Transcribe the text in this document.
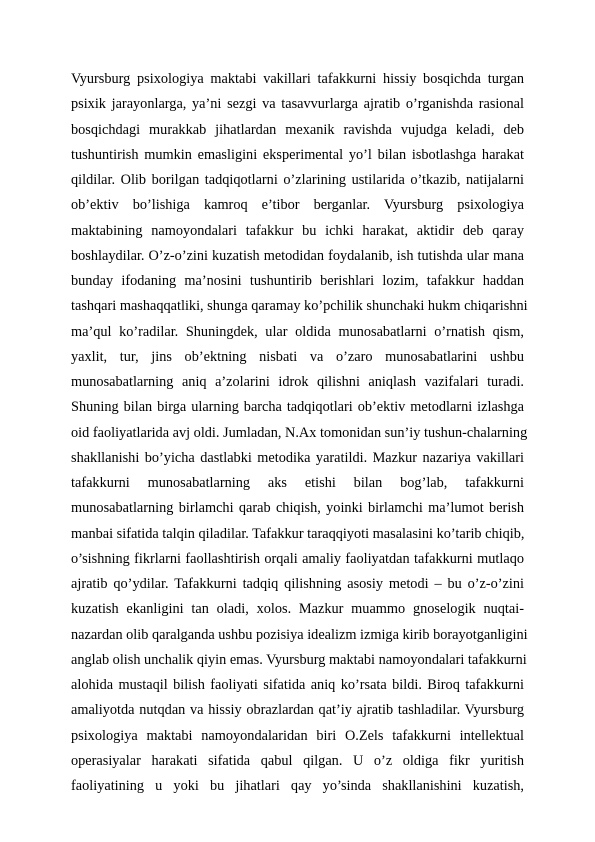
Vyursburg psixologiya maktabi vakillari tafakkurni hissiy bosqichda turgan
psixik jarayonlarga, ya’ni sezgi va tasavvurlarga ajratib o’rganishda rasional
bosqichdagi murakkab jihatlardan mexanik ravishda vujudga keladi, deb
tushuntirish mumkin emasligini eksperimental yo’l bilan isbotlashga harakat
qildilar. Olib borilgan tadqiqotlarni o’zlarining ustilarida o’tkazib, natijalarni
ob’ektiv bo’lishiga kamroq e’tibor berganlar. Vyursburg psixologiya
maktabining namoyondalari tafakkur bu ichki harakat, aktidir deb qaray
boshlaydilar. O’z-o’zini kuzatish metodidan foydalanib, ish tutishda ular mana
bunday ifodaning ma’nosini tushuntirib berishlari lozim, tafakkur haddan
tashqari mashaqqatliki, shunga qaramay ko’pchilik shunchaki hukm chiqarishni
ma’qul ko’radilar. Shuningdek, ular oldida munosabatlarni o’rnatish qism,
yaxlit, tur, jins ob’ektning nisbati va o’zaro munosabatlarini ushbu
munosabatlarning aniq a’zolarini idrok qilishni aniqlash vazifalari turadi.
Shuning bilan birga ularning barcha tadqiqotlari ob’ektiv metodlarni izlashga
oid faoliyatlarida avj oldi. Jumladan, N.Ax tomonidan sun’iy tushun-chalarning
shakllanishi bo’yicha dastlabki metodika yaratildi. Mazkur nazariya vakillari
tafakkurni munosabatlarning aks etishi bilan bog’lab, tafakkurni
munosabatlarning birlamchi qarab chiqish, yoinki birlamchi ma’lumot berish
manbai sifatida talqin qiladilar. Tafakkur taraqqiyoti masalasini ko’tarib chiqib,
o’sishning fikrlarni faollashtirish orqali amaliy faoliyatdan tafakkurni mutlaqo
ajratib qo’ydilar. Tafakkurni tadqiq qilishning asosiy metodi – bu o’z-o’zini
kuzatish ekanligini tan oladi, xolos. Mazkur muammo gnoselogik nuqtai-
nazardan olib qaralganda ushbu pozisiya idealizm izmiga kirib borayotganligini
anglab olish unchalik qiyin emas. Vyursburg maktabi namoyondalari tafakkurni
alohida mustaqil bilish faoliyati sifatida aniq ko’rsata bildi. Biroq tafakkurni
amaliyotda nutqdan va hissiy obrazlardan qat’iy ajratib tashladilar. Vyursburg
psixologiya maktabi namoyondalaridan biri O.Zels tafakkurni intellektual
operasiyalar harakati sifatida qabul qilgan. U o’z oldiga fikr yuritish
faoliyatining u yoki bu jihatlari qay yo’sinda shakllanishini kuzatish,
